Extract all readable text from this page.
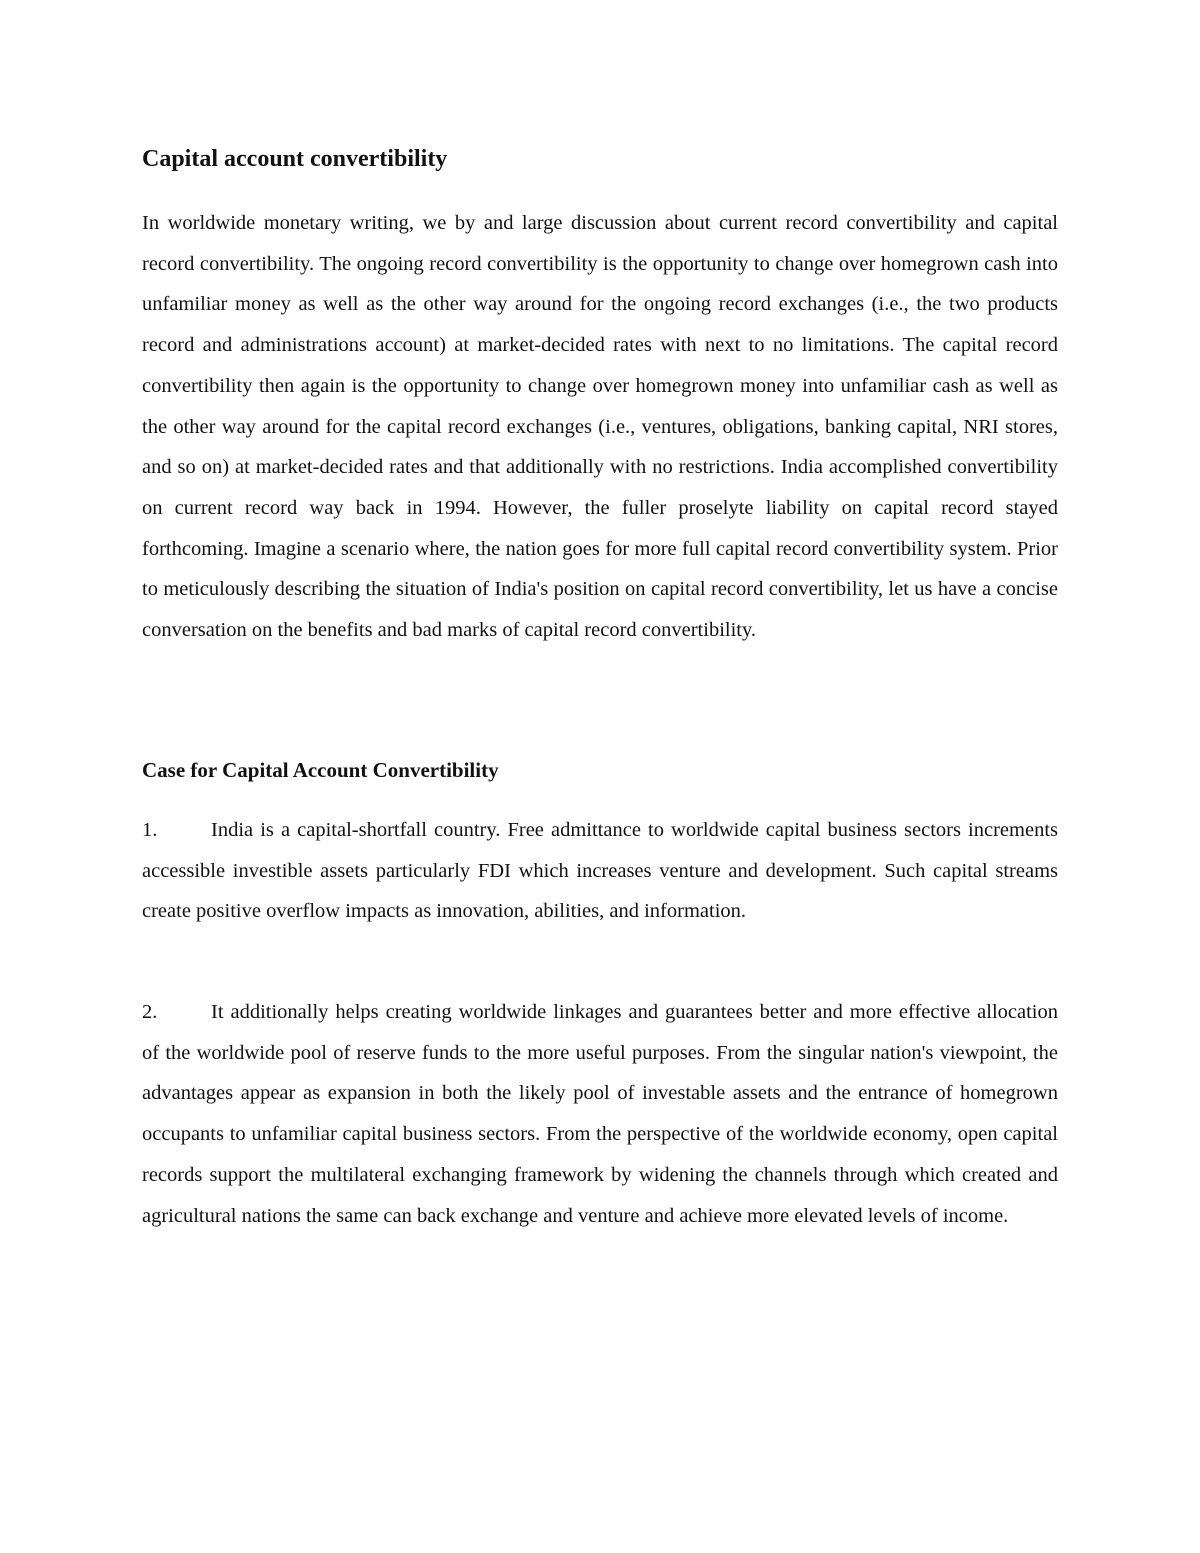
Capital account convertibility

In worldwide monetary writing, we by and large discussion about current record convertibility and capital record convertibility. The ongoing record convertibility is the opportunity to change over homegrown cash into unfamiliar money as well as the other way around for the ongoing record exchanges (i.e., the two products record and administrations account) at market-decided rates with next to no limitations. The capital record convertibility then again is the opportunity to change over homegrown money into unfamiliar cash as well as the other way around for the capital record exchanges (i.e., ventures, obligations, banking capital, NRI stores, and so on) at market-decided rates and that additionally with no restrictions. India accomplished convertibility on current record way back in 1994. However, the fuller proselyte liability on capital record stayed forthcoming. Imagine a scenario where, the nation goes for more full capital record convertibility system. Prior to meticulously describing the situation of India's position on capital record convertibility, let us have a concise conversation on the benefits and bad marks of capital record convertibility.

Case for Capital Account Convertibility

1.	India is a capital-shortfall country. Free admittance to worldwide capital business sectors increments accessible investible assets particularly FDI which increases venture and development. Such capital streams create positive overflow impacts as innovation, abilities, and information.

2.	It additionally helps creating worldwide linkages and guarantees better and more effective allocation of the worldwide pool of reserve funds to the more useful purposes. From the singular nation's viewpoint, the advantages appear as expansion in both the likely pool of investable assets and the entrance of homegrown occupants to unfamiliar capital business sectors. From the perspective of the worldwide economy, open capital records support the multilateral exchanging framework by widening the channels through which created and agricultural nations the same can back exchange and venture and achieve more elevated levels of income.
